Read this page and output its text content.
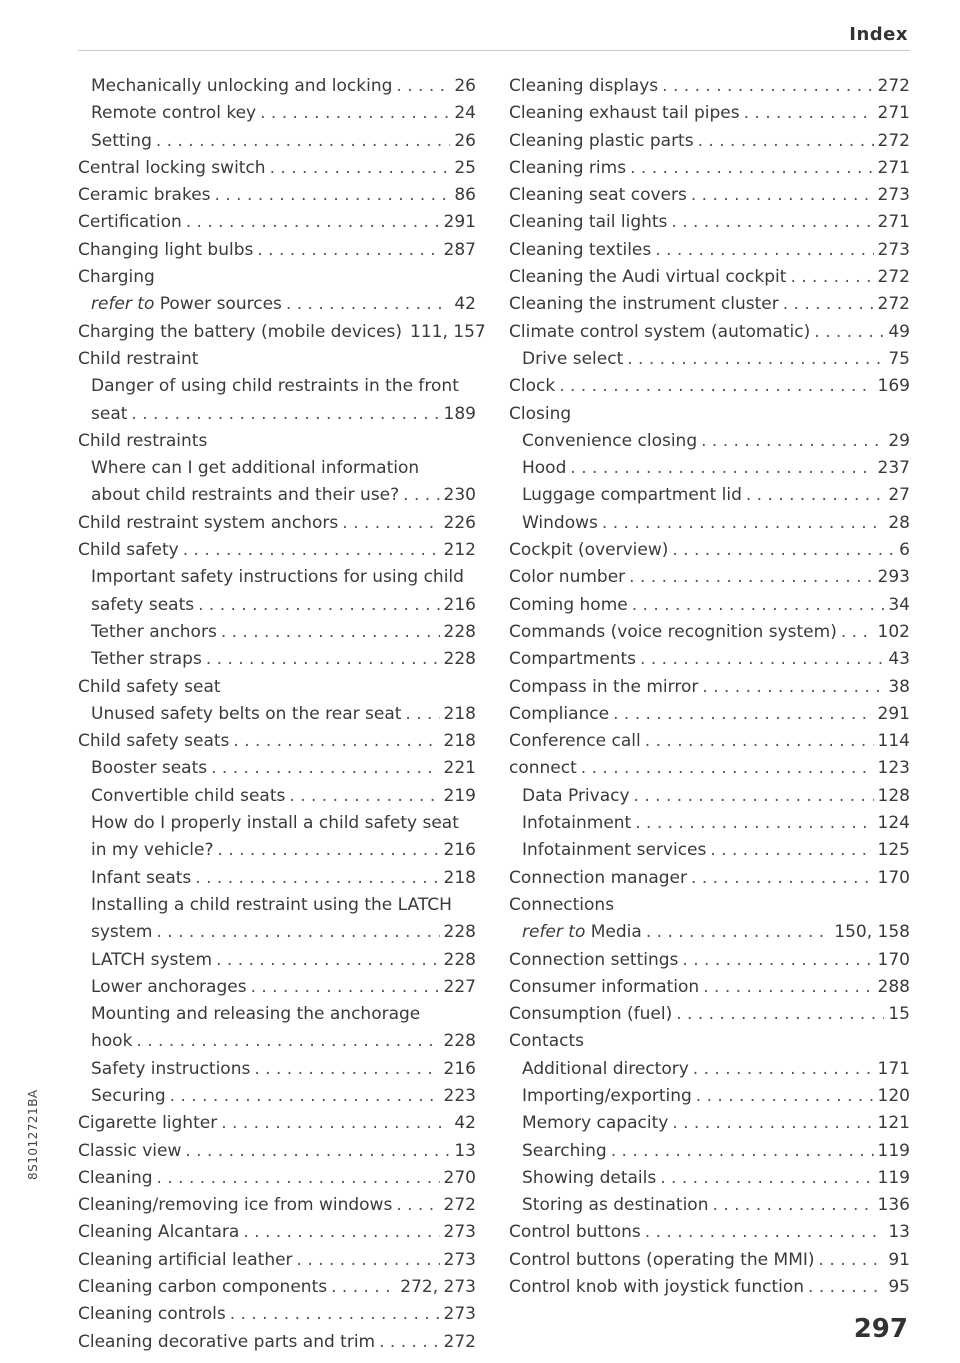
Index
Mechanically unlocking and locking . . .	26
Remote control key . . .	24
Setting . . .	26
Central locking switch . . .	25
Ceramic brakes . . .	86
Certification . . .	291
Changing light bulbs . . .	287
Charging
refer to Power sources . . .	42
Charging the battery (mobile devices) 111, 157
Child restraint
Danger of using child restraints in the front
seat . . .	189
Child restraints
Where can I get additional information
about child restraints and their use? . . .	230
Child restraint system anchors . . .	226
Child safety . . .	212
Important safety instructions for using child
safety seats . . .	216
Tether anchors . . .	228
Tether straps . . .	228
Child safety seat
Unused safety belts on the rear seat . . . 218
Child safety seats . . .	218
Booster seats . . .	221
Convertible child seats . . .	219
How do I properly install a child safety seat
in my vehicle? . . .	216
Infant seats . . .	218
Installing a child restraint using the LATCH
system . . .	228
LATCH system . . .	228
Lower anchorages . . .	227
Mounting and releasing the anchorage
hook . . .	228
Safety instructions . . .	216
Securing . . .	223
Cigarette lighter . . .	42
Classic view . . .	13
Cleaning . . .	270
Cleaning/removing ice from windows . . .	272
Cleaning Alcantara . . .	273
Cleaning artificial leather . . .	273
Cleaning carbon components . . .	272, 273
Cleaning controls . . .	273
Cleaning decorative parts and trim . . .	272
Cleaning displays . . .	272
Cleaning exhaust tail pipes . . .	271
Cleaning plastic parts . . .	272
Cleaning rims . . .	271
Cleaning seat covers . . .	273
Cleaning tail lights . . .	271
Cleaning textiles . . .	273
Cleaning the Audi virtual cockpit . . .	272
Cleaning the instrument cluster . . .	272
Climate control system (automatic) . . .	49
Drive select . . .	75
Clock . . .	169
Closing
Convenience closing . . .	29
Hood . . .	237
Luggage compartment lid . . .	27
Windows . . .	28
Cockpit (overview) . . .	6
Color number . . .	293
Coming home . . .	34
Commands (voice recognition system) . . . 102
Compartments . . .	43
Compass in the mirror . . .	38
Compliance . . .	291
Conference call . . .	114
connect . . .	123
Data Privacy . . .	128
Infotainment . . .	124
Infotainment services . . .	125
Connection manager . . .	170
Connections
refer to Media . . .	150, 158
Connection settings . . .	170
Consumer information . . .	288
Consumption (fuel) . . .	15
Contacts
Additional directory . . .	171
Importing/exporting . . .	120
Memory capacity . . .	121
Searching . . .	119
Showing details . . .	119
Storing as destination . . .	136
Control buttons . . .	13
Control buttons (operating the MMI) . . .	91
Control knob with joystick function . . .	95
8S1012721BA
297
